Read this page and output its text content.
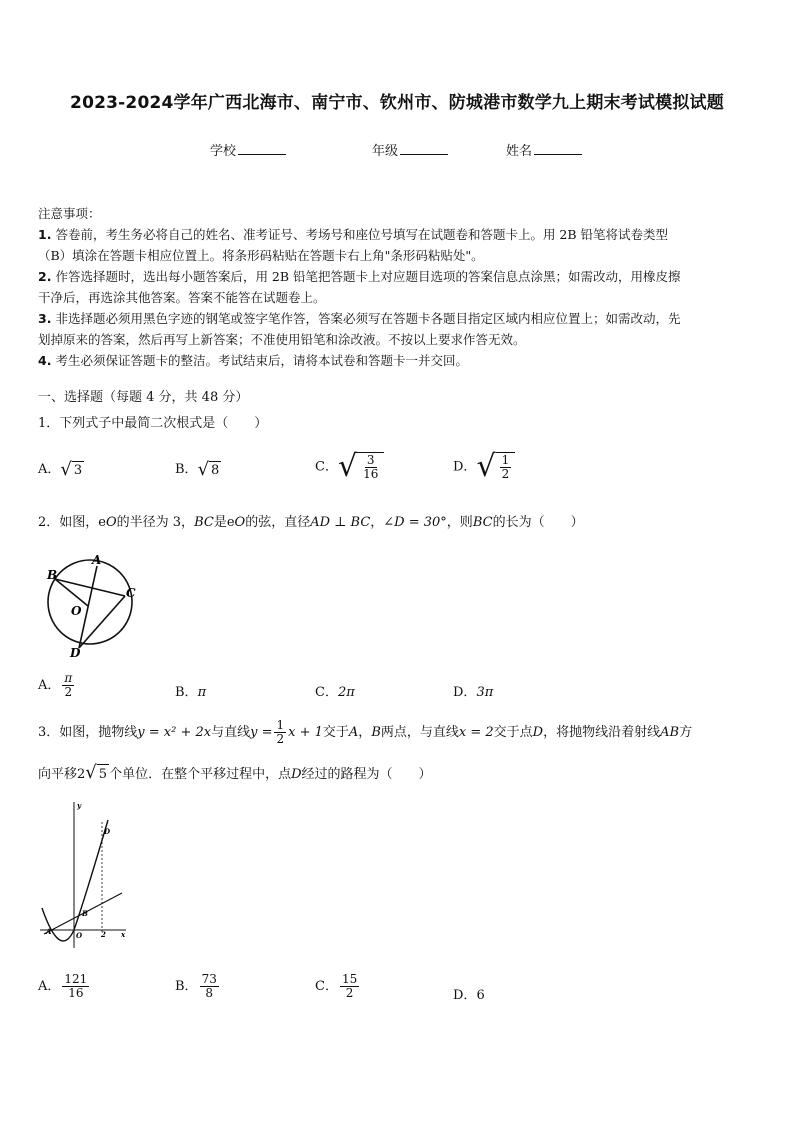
2023-2024学年广西北海市、南宁市、钦州市、防城港市数学九上期末考试模拟试题
学校	年级	姓名
注意事项：
1. 答卷前，考生务必将自己的姓名、准考证号、考场号和座位号填写在试题卷和答题卡上。用 2B 铅笔将试卷类型
（B）填涂在答题卡相应位置上。将条形码粘贴在答题卡右上角"条形码粘贴处"。
2. 作答选择题时，选出每小题答案后，用 2B 铅笔把答题卡上对应题目选项的答案信息点涂黑；如需改动，用橡皮擦
干净后，再选涂其他答案。答案不能答在试题卷上。
3. 非选择题必须用黑色字迹的钢笔或签字笔作答，答案必须写在答题卡各题目指定区域内相应位置上；如需改动，先
划掉原来的答案，然后再写上新答案；不准使用铅笔和涂改液。不按以上要求作答无效。
4. 考生必须保证答题卡的整洁。考试结束后，请将本试卷和答题卡一并交回。
一、选择题（每题 4 分，共 48 分）
1．下列式子中最简二次根式是（　　）
A． √ 3	B． √ 8	C． √ $\frac{3}{16}$	D． √ $\frac{1}{2}$
2．如图，eO的半径为 3，BC是eO的弦，直径AD ⊥ BC，∠D = 30°，则BC的长为（　　）
B
A
C
O
D
A． $\frac{\pi}{2}$	B．π	C．2π	D．3π
3．如图，抛物线y = x² + 2x与直线$y = \frac{1}{2}$ x + 1交于A，B两点，与直线x = 2交于点D，将抛物线沿着射线AB方
向平移2 √ 5 个单位．在整个平移过程中，点D经过的路程为（　　）
y
D
B
A	O	2 x
A． $\frac{121}{16}$	B． $\frac{73}{8}$	C． $\frac{15}{2}$	D．6
